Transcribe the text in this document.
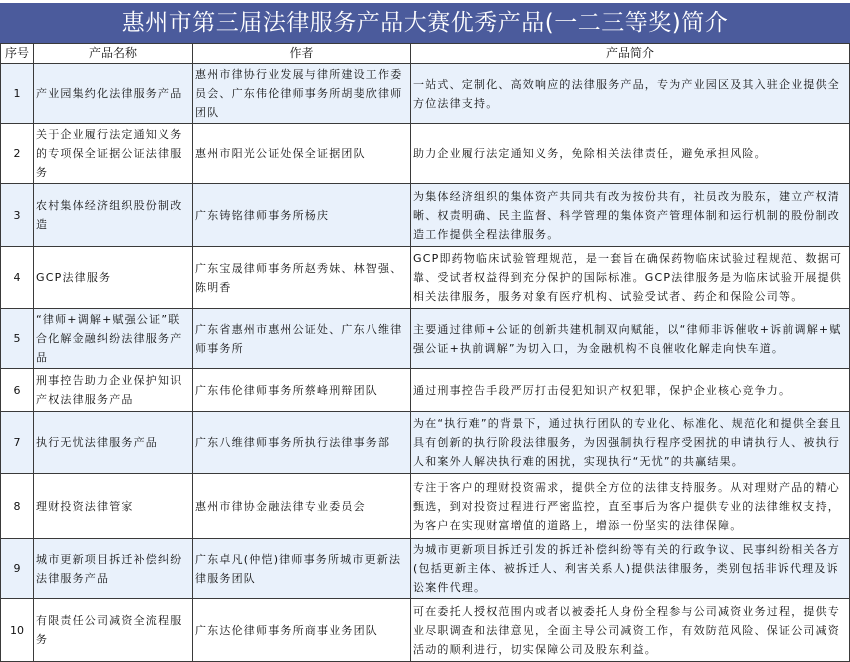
惠州市第三届法律服务产品大赛优秀产品(一二三等奖)简介
序号	产品名称	作者	产品简介
1	产业园集约化法律服务产品	惠州市律协行业发展与律所建设工作委员会、广东伟伦律师事务所胡斐欣律师团队	一站式、定制化、高效响应的法律服务产品，专为产业园区及其入驻企业提供全方位法律支持。
2	关于企业履行法定通知义务的专项保全证据公证法律服务	惠州市阳光公证处保全证据团队	助力企业履行法定通知义务，免除相关法律责任，避免承担风险。
3	农村集体经济组织股份制改造	广东铸铭律师事务所杨庆	为集体经济组织的集体资产共同共有改为按份共有，社员改为股东，建立产权清晰、权责明确、民主监督、科学管理的集体资产管理体制和运行机制的股份制改造工作提供全程法律服务。
4	GCP法律服务	广东宝晟律师事务所赵秀妹、林智强、陈明香	GCP即药物临床试验管理规范，是一套旨在确保药物临床试验过程规范、数据可靠、受试者权益得到充分保护的国际标准。GCP法律服务是为临床试验开展提供相关法律服务，服务对象有医疗机构、试验受试者、药企和保险公司等。
5	“律师+调解+赋强公证”联合化解金融纠纷法律服务产品	广东省惠州市惠州公证处、广东八维律师事务所	主要通过律师+公证的创新共建机制双向赋能，以“律师非诉催收+诉前调解+赋强公证+执前调解”为切入口，为金融机构不良催收化解走向快车道。
6	刑事控告助力企业保护知识产权法律服务产品	广东伟伦律师事务所蔡峰刑辩团队	通过刑事控告手段严厉打击侵犯知识产权犯罪，保护企业核心竞争力。
7	执行无忧法律服务产品	广东八维律师事务所执行法律事务部	为在“执行难”的背景下，通过执行团队的专业化、标准化、规范化和提供全套且具有创新的执行阶段法律服务，为因强制执行程序受困扰的申请执行人、被执行人和案外人解决执行难的困扰，实现执行“无忧”的共赢结果。
8	理财投资法律管家	惠州市律协金融法律专业委员会	专注于客户的理财投资需求，提供全方位的法律支持服务。从对理财产品的精心甄选，到对投资过程进行严密监控，直至事后为客户提供专业的法律维权支持，为客户在实现财富增值的道路上，增添一份坚实的法律保障。
9	城市更新项目拆迁补偿纠纷法律服务产品	广东卓凡(仲恺)律师事务所城市更新法律服务团队	为城市更新项目拆迁引发的拆迁补偿纠纷等有关的行政争议、民事纠纷相关各方(包括更新主体、被拆迁人、利害关系人)提供法律服务，类别包括非诉代理及诉讼案件代理。
10	有限责任公司减资全流程服务	广东达伦律师事务所商事业务团队	可在委托人授权范围内或者以被委托人身份全程参与公司减资业务过程，提供专业尽职调查和法律意见，全面主导公司减资工作，有效防范风险、保证公司减资活动的顺利进行，切实保障公司及股东利益。
